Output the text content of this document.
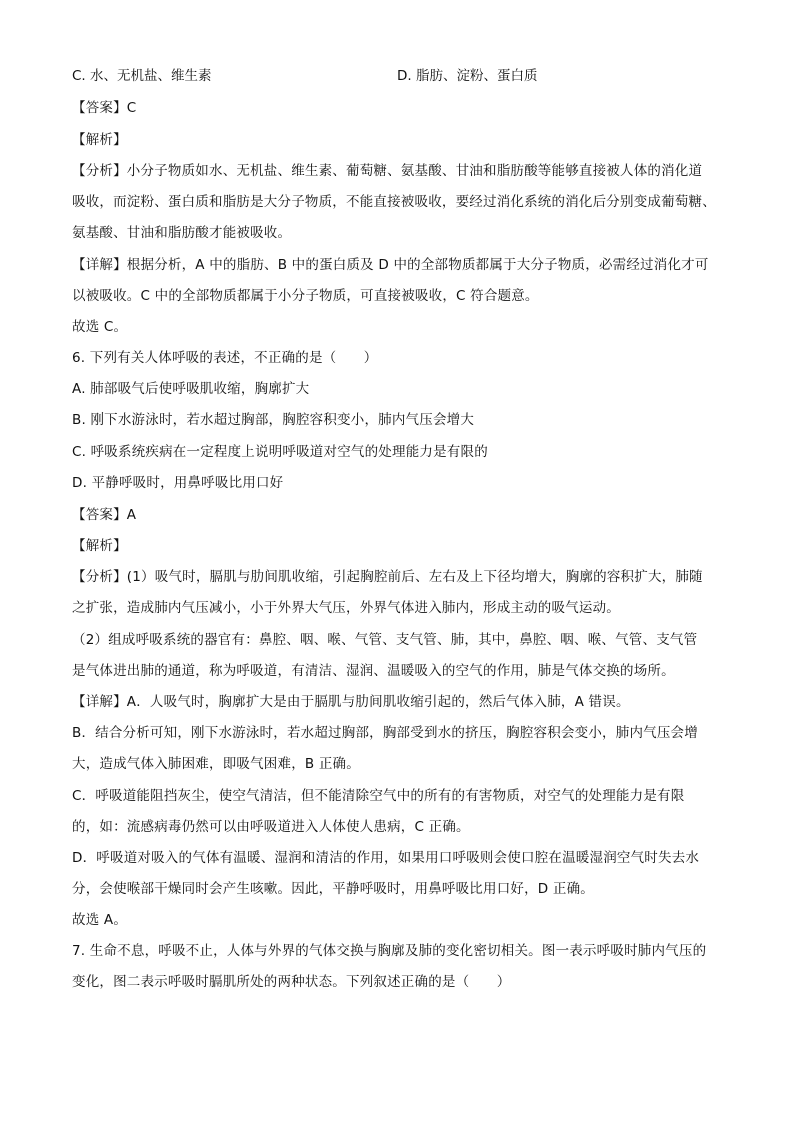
C. 水、无机盐、维生素	D. 脂肪、淀粉、蛋白质
【答案】C
【解析】
【分析】小分子物质如水、无机盐、维生素、葡萄糖、氨基酸、甘油和脂肪酸等能够直接被人体的消化道
吸收，而淀粉、蛋白质和脂肪是大分子物质，不能直接被吸收，要经过消化系统的消化后分别变成葡萄糖、
氨基酸、甘油和脂肪酸才能被吸收。
【详解】根据分析，A 中的脂肪、B 中的蛋白质及 D 中的全部物质都属于大分子物质，必需经过消化才可
以被吸收。C 中的全部物质都属于小分子物质，可直接被吸收，C 符合题意。
故选 C。
6. 下列有关人体呼吸的表述，不正确的是（　　）
A. 肺部吸气后使呼吸肌收缩，胸廓扩大
B. 刚下水游泳时，若水超过胸部，胸腔容积变小，肺内气压会增大
C. 呼吸系统疾病在一定程度上说明呼吸道对空气的处理能力是有限的
D. 平静呼吸时，用鼻呼吸比用口好
【答案】A
【解析】
【分析】(1）吸气时，膈肌与肋间肌收缩，引起胸腔前后、左右及上下径均增大，胸廓的容积扩大，肺随
之扩张，造成肺内气压减小，小于外界大气压，外界气体进入肺内，形成主动的吸气运动。
（2）组成呼吸系统的器官有：鼻腔、咽、喉、气管、支气管、肺，其中，鼻腔、咽、喉、气管、支气管
是气体进出肺的通道，称为呼吸道，有清洁、湿润、温暖吸入的空气的作用，肺是气体交换的场所。
【详解】A．人吸气时，胸廓扩大是由于膈肌与肋间肌收缩引起的，然后气体入肺，A 错误。
B．结合分析可知，刚下水游泳时，若水超过胸部，胸部受到水的挤压，胸腔容积会变小，肺内气压会增
大，造成气体入肺困难，即吸气困难，B 正确。
C．呼吸道能阻挡灰尘，使空气清洁，但不能清除空气中的所有的有害物质，对空气的处理能力是有限
的，如：流感病毒仍然可以由呼吸道进入人体使人患病，C 正确。
D．呼吸道对吸入的气体有温暖、湿润和清洁的作用，如果用口呼吸则会使口腔在温暖湿润空气时失去水
分，会使喉部干燥同时会产生咳嗽。因此，平静呼吸时，用鼻呼吸比用口好，D 正确。
故选 A。
7. 生命不息，呼吸不止，人体与外界的气体交换与胸廓及肺的变化密切相关。图一表示呼吸时肺内气压的
变化，图二表示呼吸时膈肌所处的两种状态。下列叙述正确的是（　　）
